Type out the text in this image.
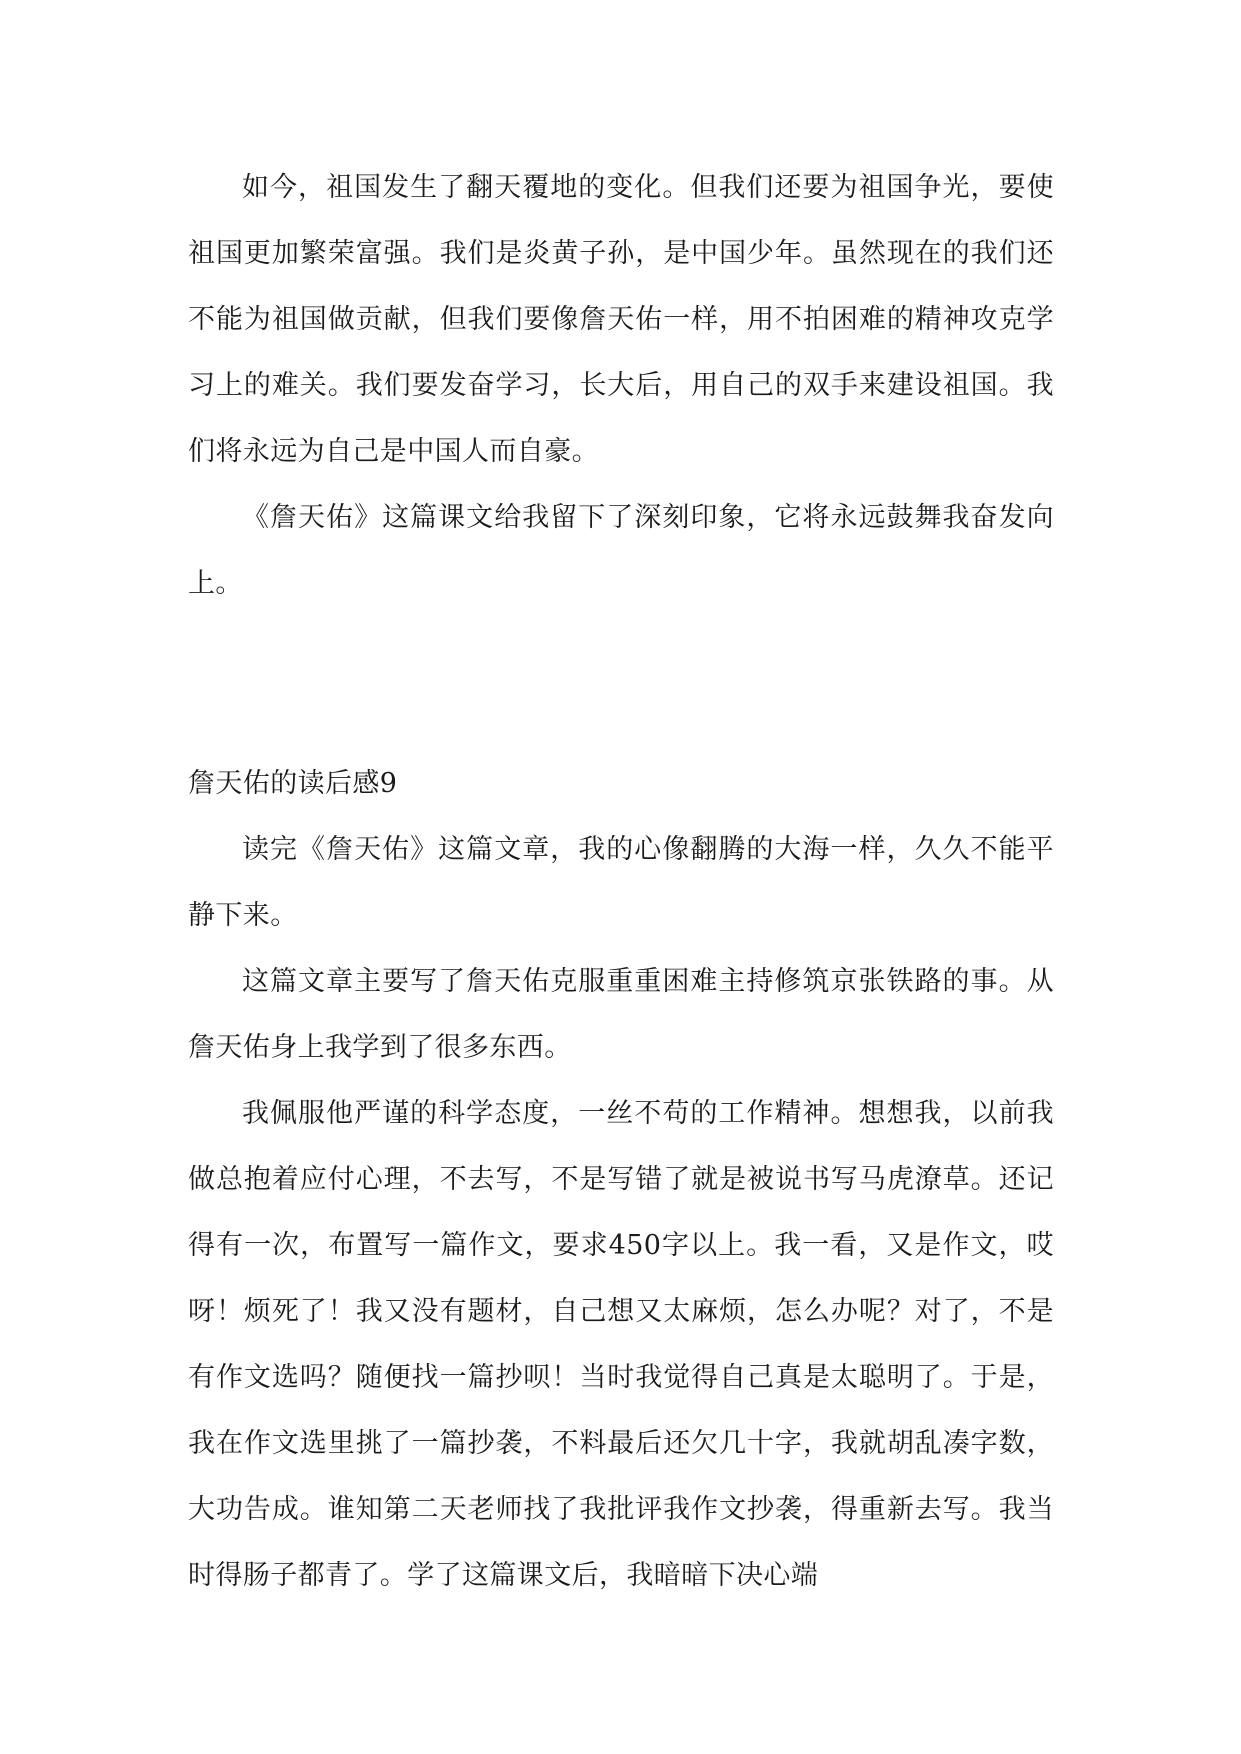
如今，祖国发生了翻天覆地的变化。但我们还要为祖国争光，要使祖国更加繁荣富强。我们是炎黄子孙，是中国少年。虽然现在的我们还不能为祖国做贡献，但我们要像詹天佑一样，用不拍困难的精神攻克学习上的难关。我们要发奋学习，长大后，用自己的双手来建设祖国。我们将永远为自己是中国人而自豪。

《詹天佑》这篇课文给我留下了深刻印象，它将永远鼓舞我奋发向上。

詹天佑的读后感9

读完《詹天佑》这篇文章，我的心像翻腾的大海一样，久久不能平静下来。

这篇文章主要写了詹天佑克服重重困难主持修筑京张铁路的事。从詹天佑身上我学到了很多东西。

我佩服他严谨的科学态度，一丝不苟的工作精神。想想我，以前我做总抱着应付心理，不去写，不是写错了就是被说书写马虎潦草。还记得有一次，布置写一篇作文，要求450字以上。我一看，又是作文，哎呀！烦死了！我又没有题材，自己想又太麻烦，怎么办呢？对了，不是有作文选吗？随便找一篇抄呗！当时我觉得自己真是太聪明了。于是，我在作文选里挑了一篇抄袭，不料最后还欠几十字，我就胡乱凑字数，大功告成。谁知第二天老师找了我批评我作文抄袭，得重新去写。我当时得肠子都青了。学了这篇课文后，我暗暗下决心端
